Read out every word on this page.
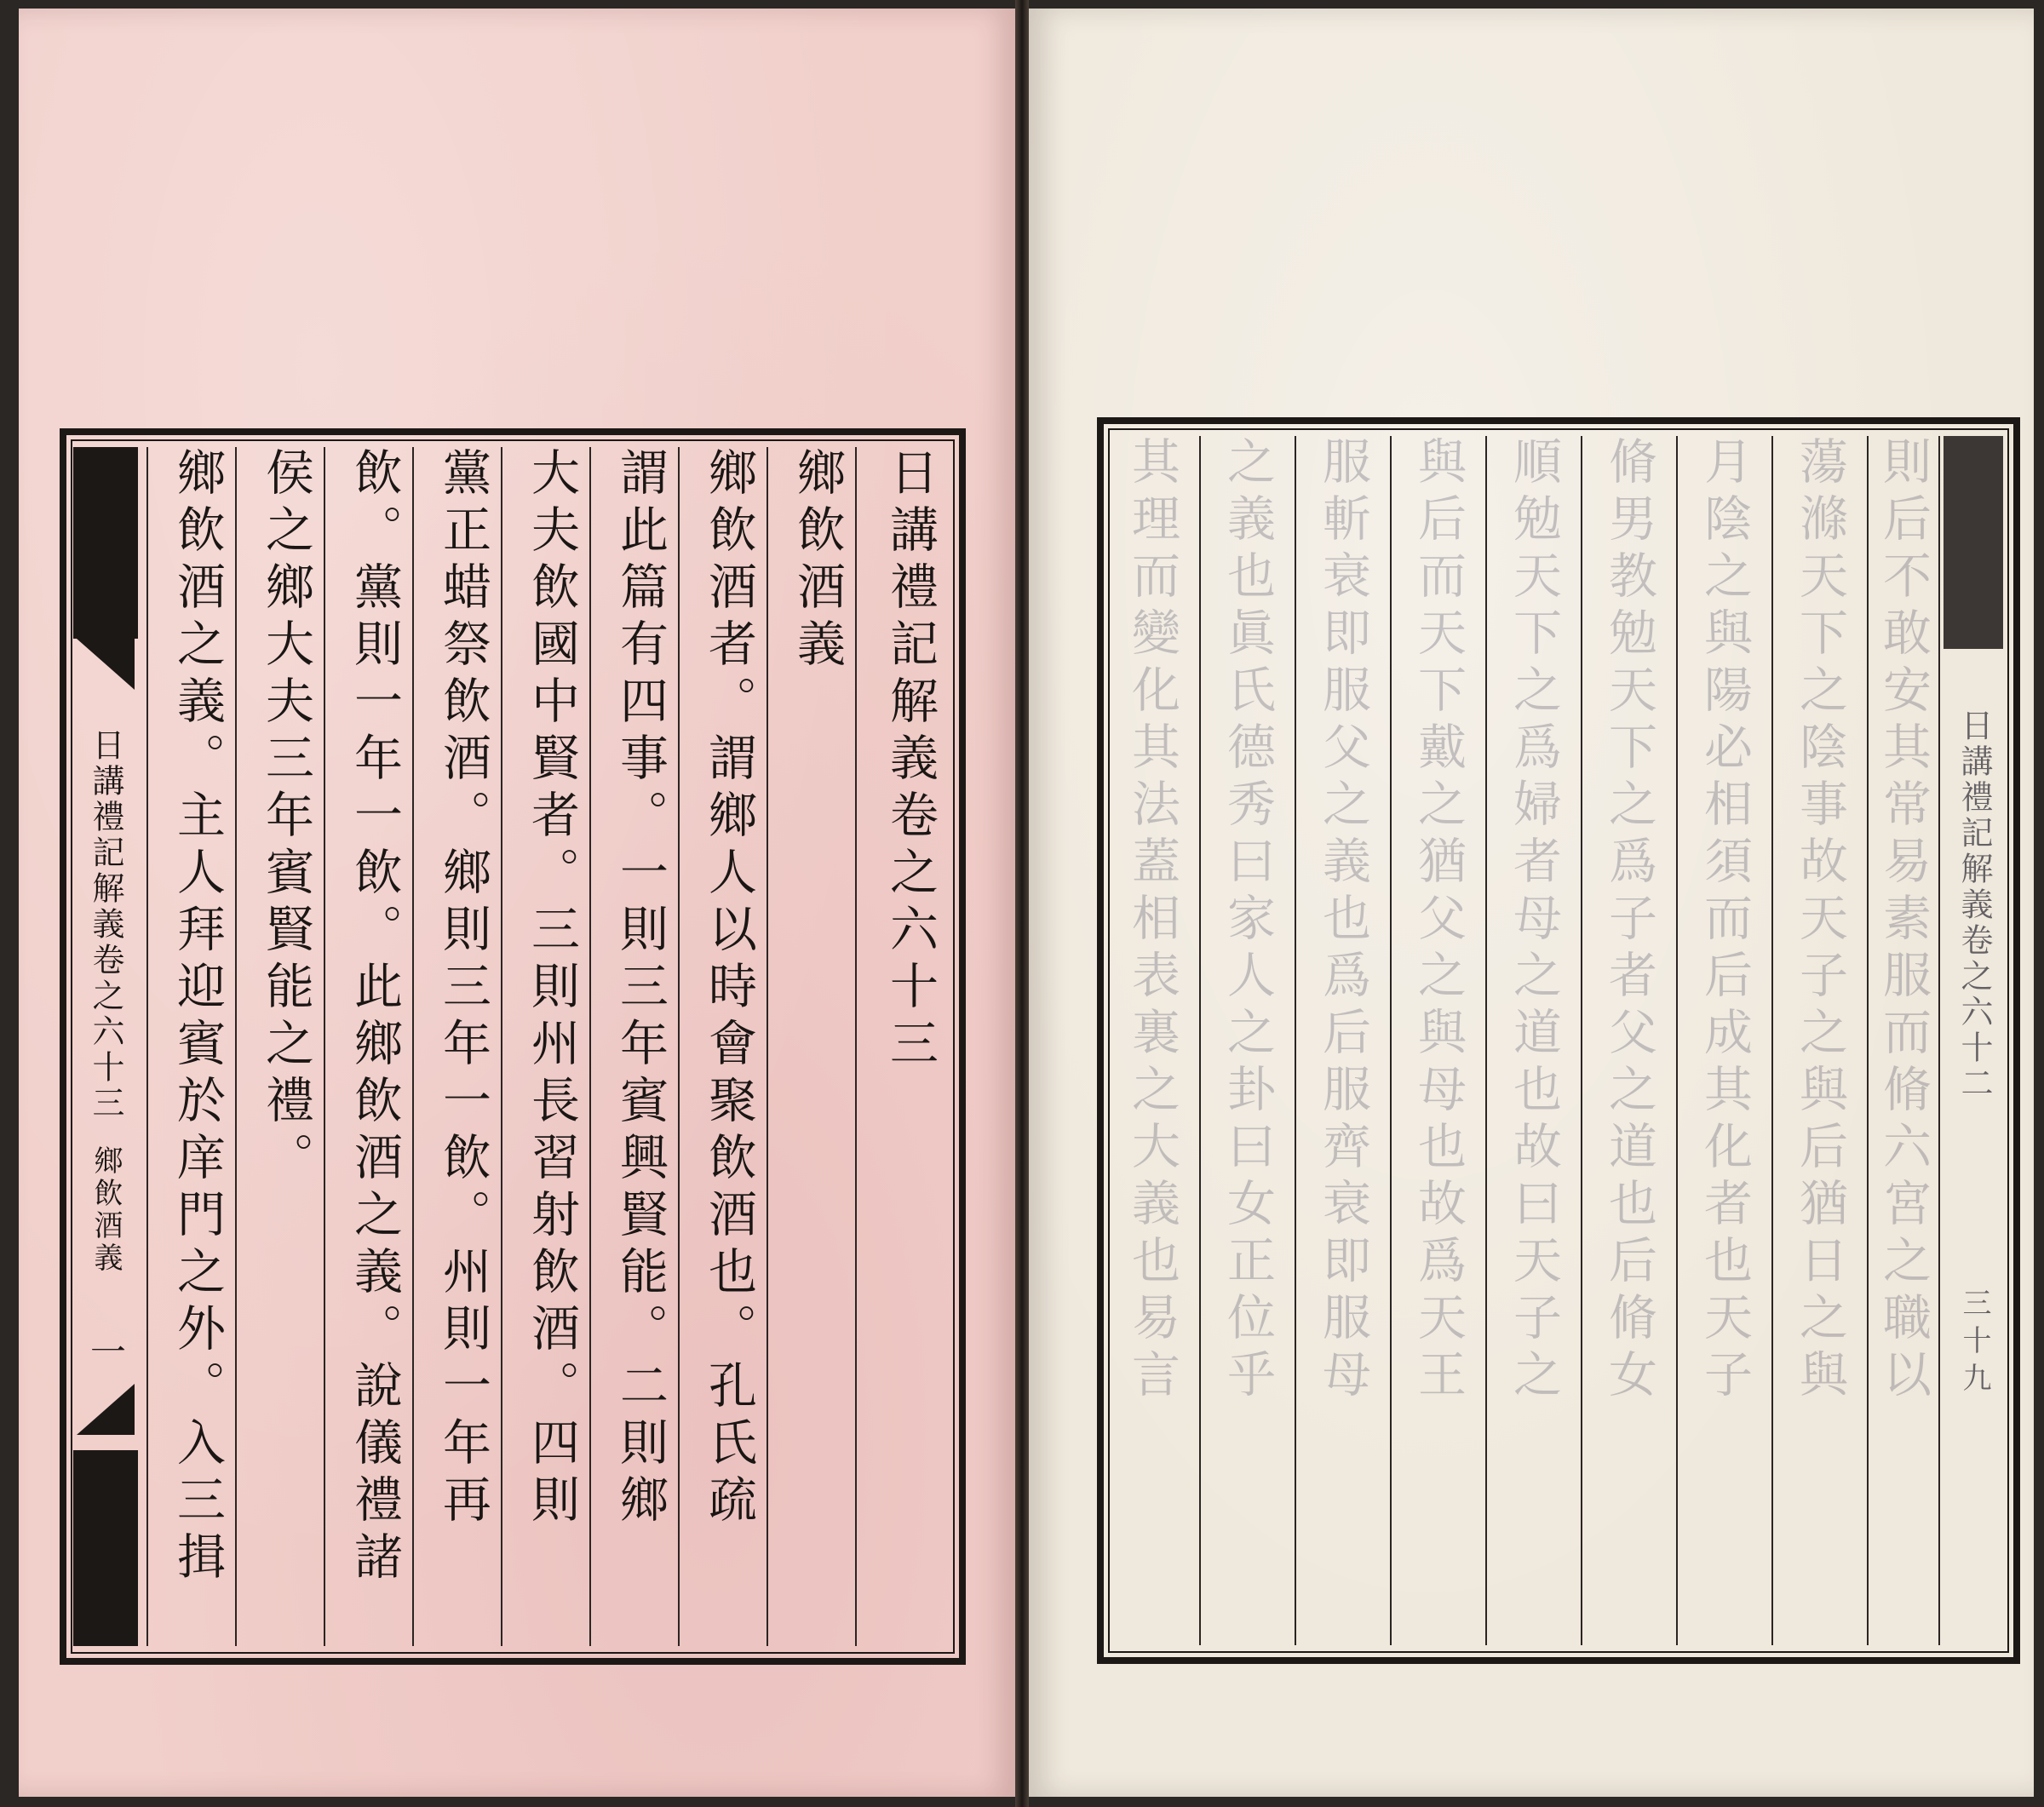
日講禮記解義卷之六十三
鄉飲酒義
一
日講禮記解義卷之六十三
鄉飲酒義
鄉飲酒者。謂鄉人以時會聚飲酒也。孔氏疏
謂此篇有四事。一則三年賓興賢能。二則鄉
大夫飲國中賢者。三則州長習射飲酒。四則
黨正蜡祭飲酒。鄉則三年一飲。州則一年再
飲。黨則一年一飲。此鄉飲酒之義。說儀禮諸
侯之鄉大夫三年賓賢能之禮。
鄉飲酒之義。主人拜迎賓於庠門之外。入三揖	則后不敢安其常易素服而脩六宮之職以
蕩滌天下之陰事故天子之與后猶日之與
月陰之與陽必相須而后成其化者也天子
脩男教勉天下之爲子者父之道也后脩女
順勉天下之爲婦者母之道也故曰天子之
與后而天下戴之猶父之與母也故爲天王
服斬衰即服父之義也爲后服齊衰即服母
之義也眞氏德秀曰家人之卦曰女正位乎
其理而變化其法蓋相表裏之大義也易言	日講禮記解義卷之六十二
三十九
